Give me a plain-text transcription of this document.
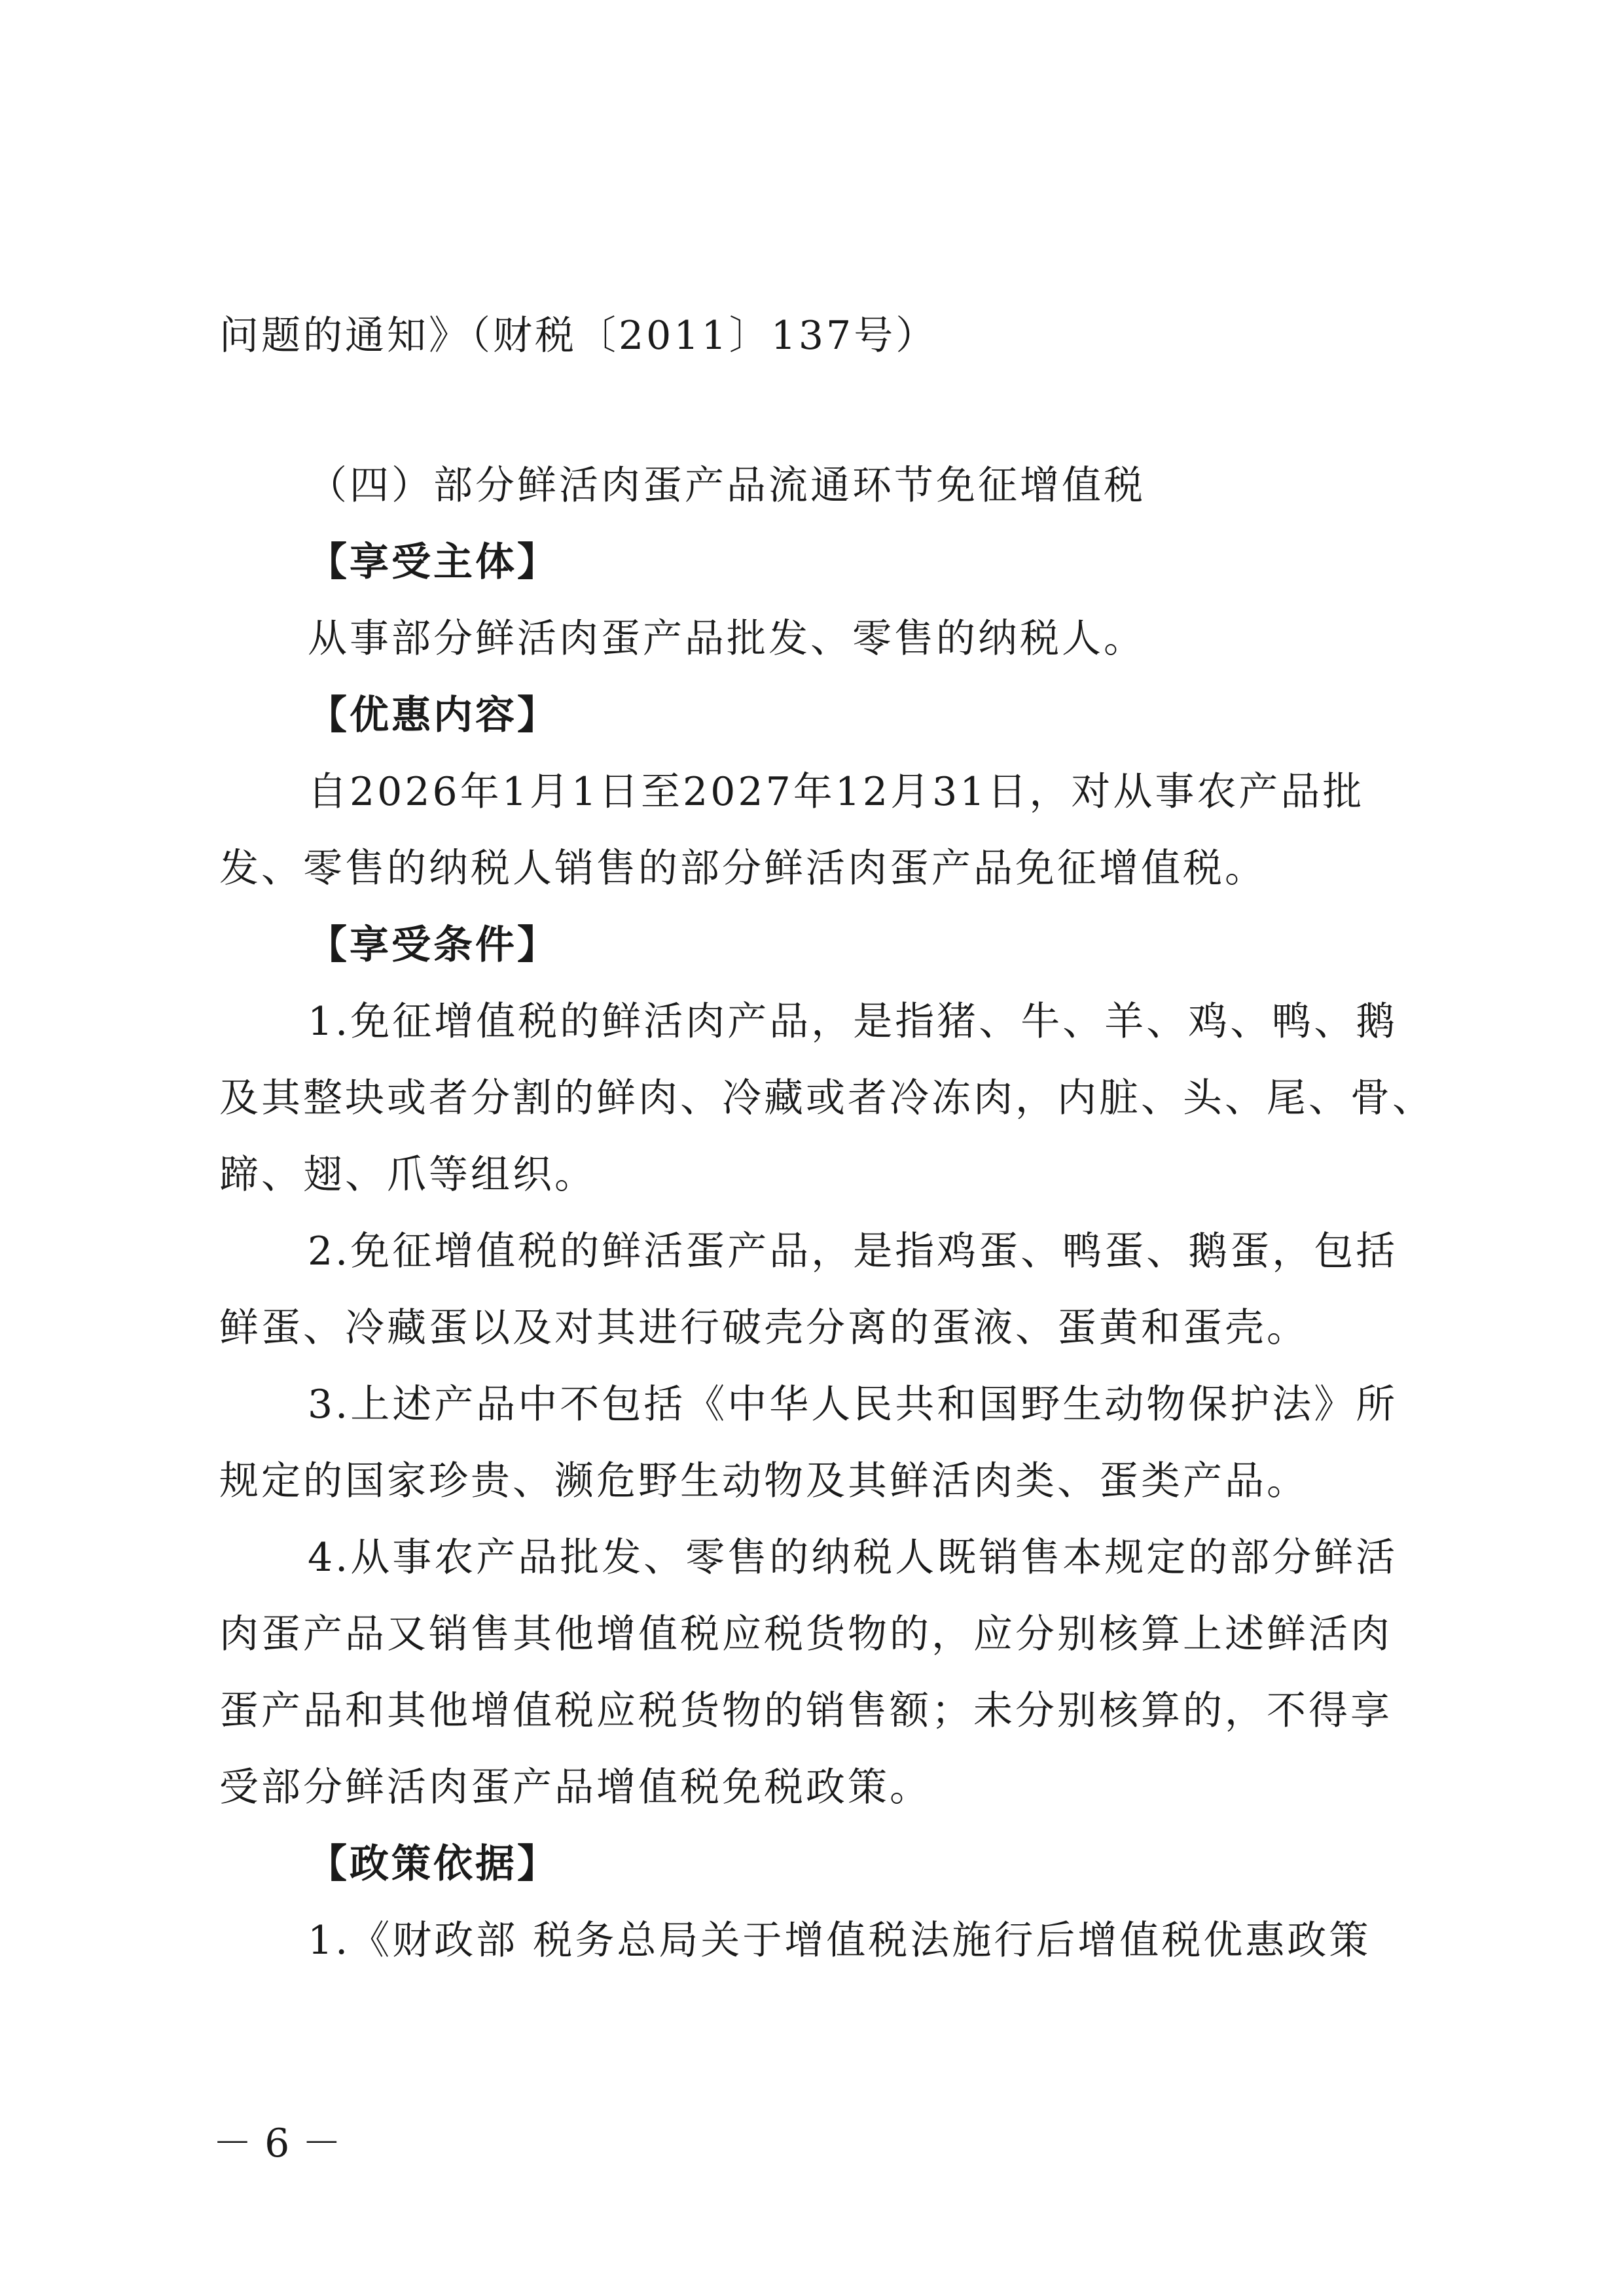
问题的通知》（财税〔2011〕137号）
（四）部分鲜活肉蛋产品流通环节免征增值税
【享受主体】
从事部分鲜活肉蛋产品批发、零售的纳税人。
【优惠内容】
自2026年1月1日至2027年12月31日，对从事农产品批
发、零售的纳税人销售的部分鲜活肉蛋产品免征增值税。
【享受条件】
1.免征增值税的鲜活肉产品，是指猪、牛、羊、鸡、鸭、鹅
及其整块或者分割的鲜肉、冷藏或者冷冻肉，内脏、头、尾、骨、
蹄、翅、爪等组织。
2.免征增值税的鲜活蛋产品，是指鸡蛋、鸭蛋、鹅蛋，包括
鲜蛋、冷藏蛋以及对其进行破壳分离的蛋液、蛋黄和蛋壳。
3.上述产品中不包括《中华人民共和国野生动物保护法》所
规定的国家珍贵、濒危野生动物及其鲜活肉类、蛋类产品。
4.从事农产品批发、零售的纳税人既销售本规定的部分鲜活
肉蛋产品又销售其他增值税应税货物的，应分别核算上述鲜活肉
蛋产品和其他增值税应税货物的销售额；未分别核算的，不得享
受部分鲜活肉蛋产品增值税免税政策。
【政策依据】
1.《财政部 税务总局关于增值税法施行后增值税优惠政策
－ 6 －
